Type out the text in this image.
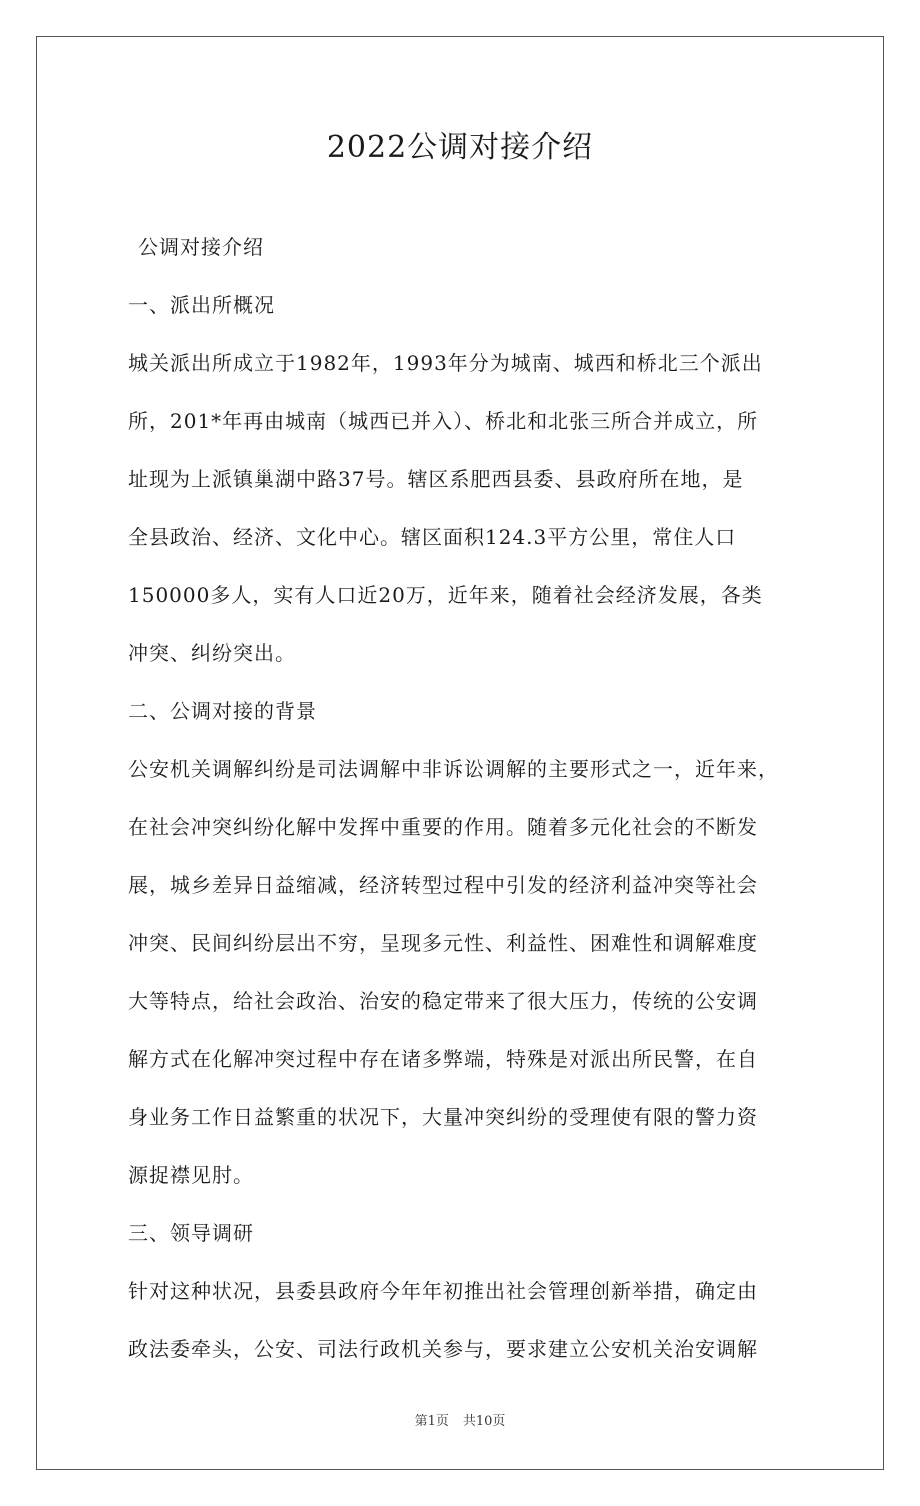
2022公调对接介绍

公调对接介绍

一、派出所概况

城关派出所成立于1982年，1993年分为城南、城西和桥北三个派出
所，201*年再由城南（城西已并入）、桥北和北张三所合并成立，所
址现为上派镇巢湖中路37号。辖区系肥西县委、县政府所在地，是
全县政治、经济、文化中心。辖区面积124.3平方公里，常住人口
150000多人，实有人口近20万，近年来，随着社会经济发展，各类
冲突、纠纷突出。

二、公调对接的背景

公安机关调解纠纷是司法调解中非诉讼调解的主要形式之一，近年来，
在社会冲突纠纷化解中发挥中重要的作用。随着多元化社会的不断发
展，城乡差异日益缩减，经济转型过程中引发的经济利益冲突等社会
冲突、民间纠纷层出不穷，呈现多元性、利益性、困难性和调解难度
大等特点，给社会政治、治安的稳定带来了很大压力，传统的公安调
解方式在化解冲突过程中存在诸多弊端，特殊是对派出所民警，在自
身业务工作日益繁重的状况下，大量冲突纠纷的受理使有限的警力资
源捉襟见肘。

三、领导调研

针对这种状况，县委县政府今年年初推出社会管理创新举措，确定由
政法委牵头，公安、司法行政机关参与，要求建立公安机关治安调解

第1页 共10页
